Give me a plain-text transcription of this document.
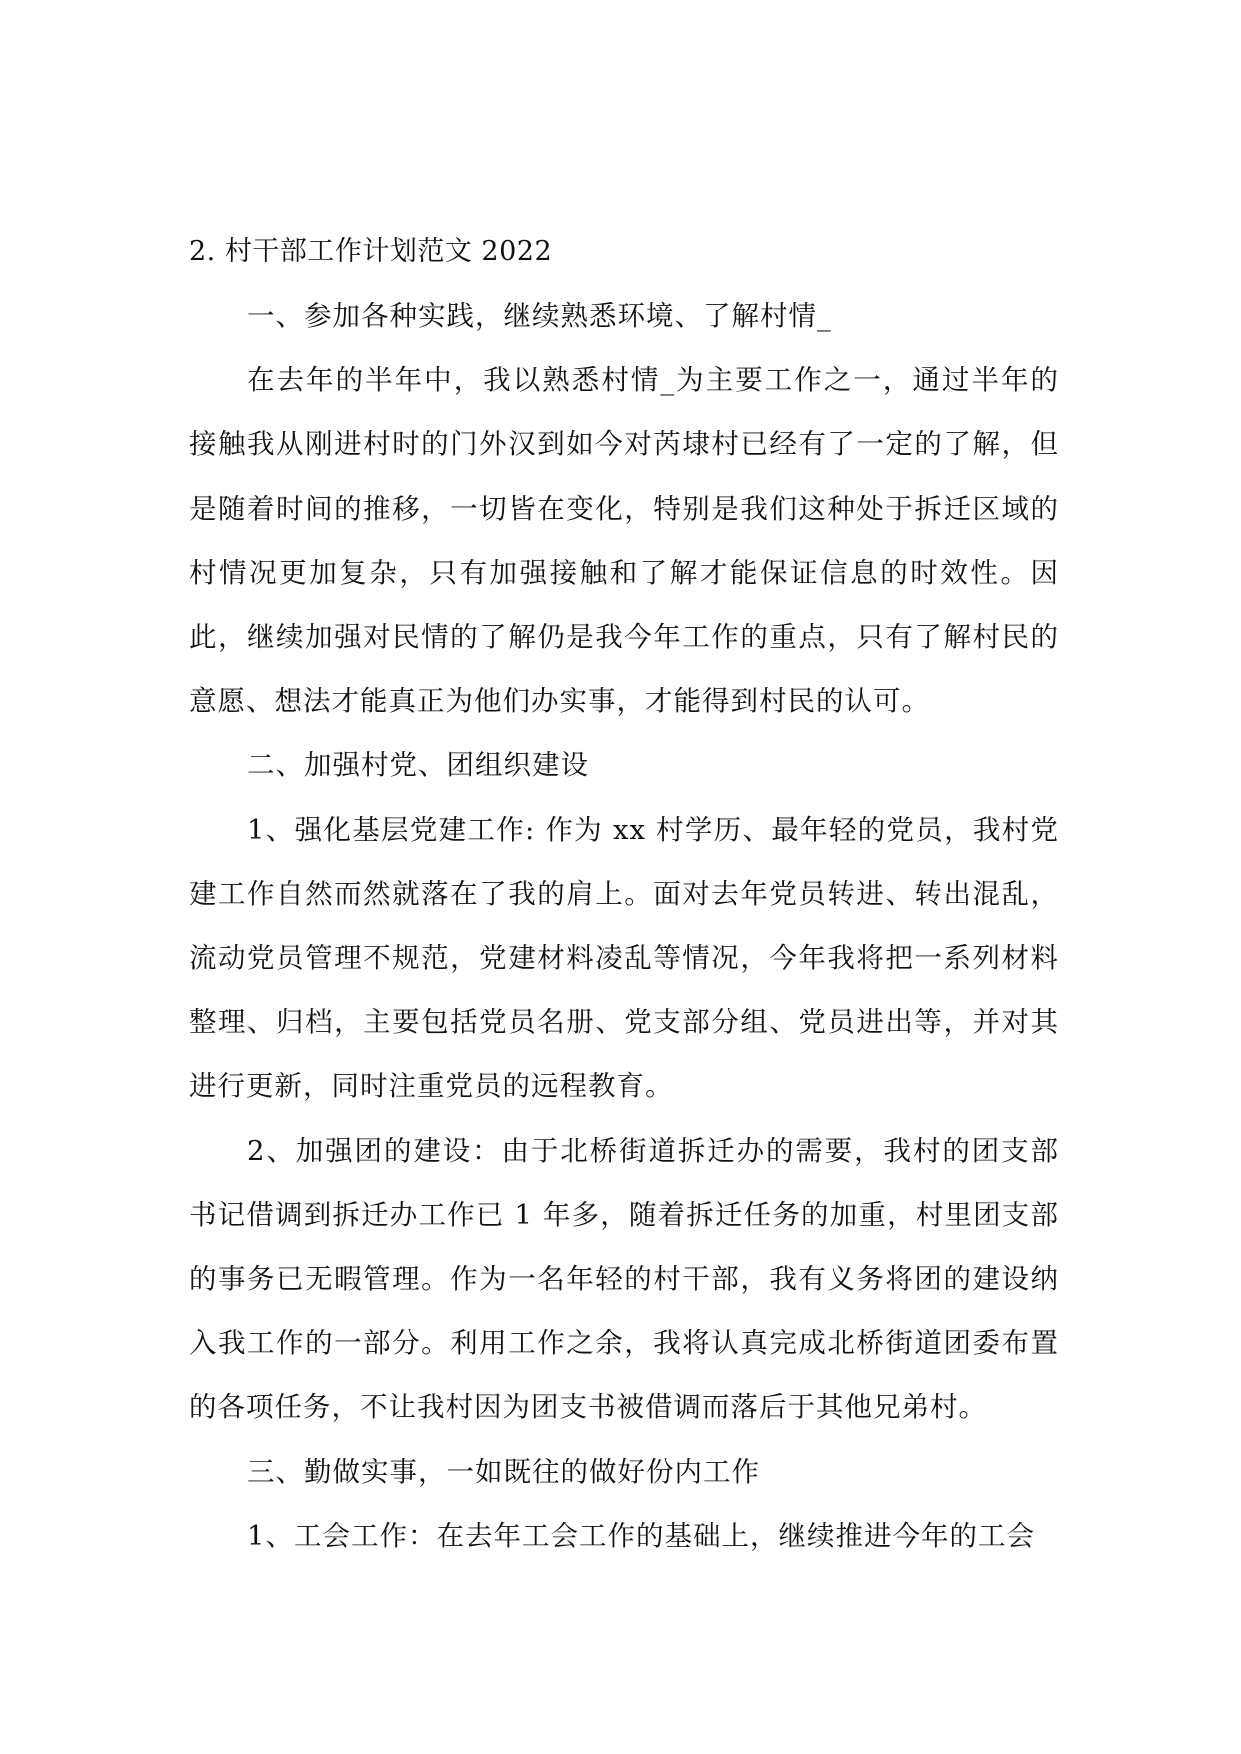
2. 村干部工作计划范文 2022

一、参加各种实践，继续熟悉环境、了解村情_

在去年的半年中，我以熟悉村情_为主要工作之一，通过半年的接触我从刚进村时的门外汉到如今对芮埭村已经有了一定的了解，但是随着时间的推移，一切皆在变化，特别是我们这种处于拆迁区域的村情况更加复杂，只有加强接触和了解才能保证信息的时效性。因此，继续加强对民情的了解仍是我今年工作的重点，只有了解村民的意愿、想法才能真正为他们办实事，才能得到村民的认可。

二、加强村党、团组织建设

1、强化基层党建工作: 作为 xx 村学历、最年轻的党员，我村党建工作自然而然就落在了我的肩上。面对去年党员转进、转出混乱，流动党员管理不规范，党建材料凌乱等情况，今年我将把一系列材料整理、归档，主要包括党员名册、党支部分组、党员进出等，并对其进行更新，同时注重党员的远程教育。

2、加强团的建设：由于北桥街道拆迁办的需要，我村的团支部书记借调到拆迁办工作已 1 年多，随着拆迁任务的加重，村里团支部的事务已无暇管理。作为一名年轻的村干部，我有义务将团的建设纳入我工作的一部分。利用工作之余，我将认真完成北桥街道团委布置的各项任务，不让我村因为团支书被借调而落后于其他兄弟村。

三、勤做实事，一如既往的做好份内工作

1、工会工作：在去年工会工作的基础上，继续推进今年的工会
